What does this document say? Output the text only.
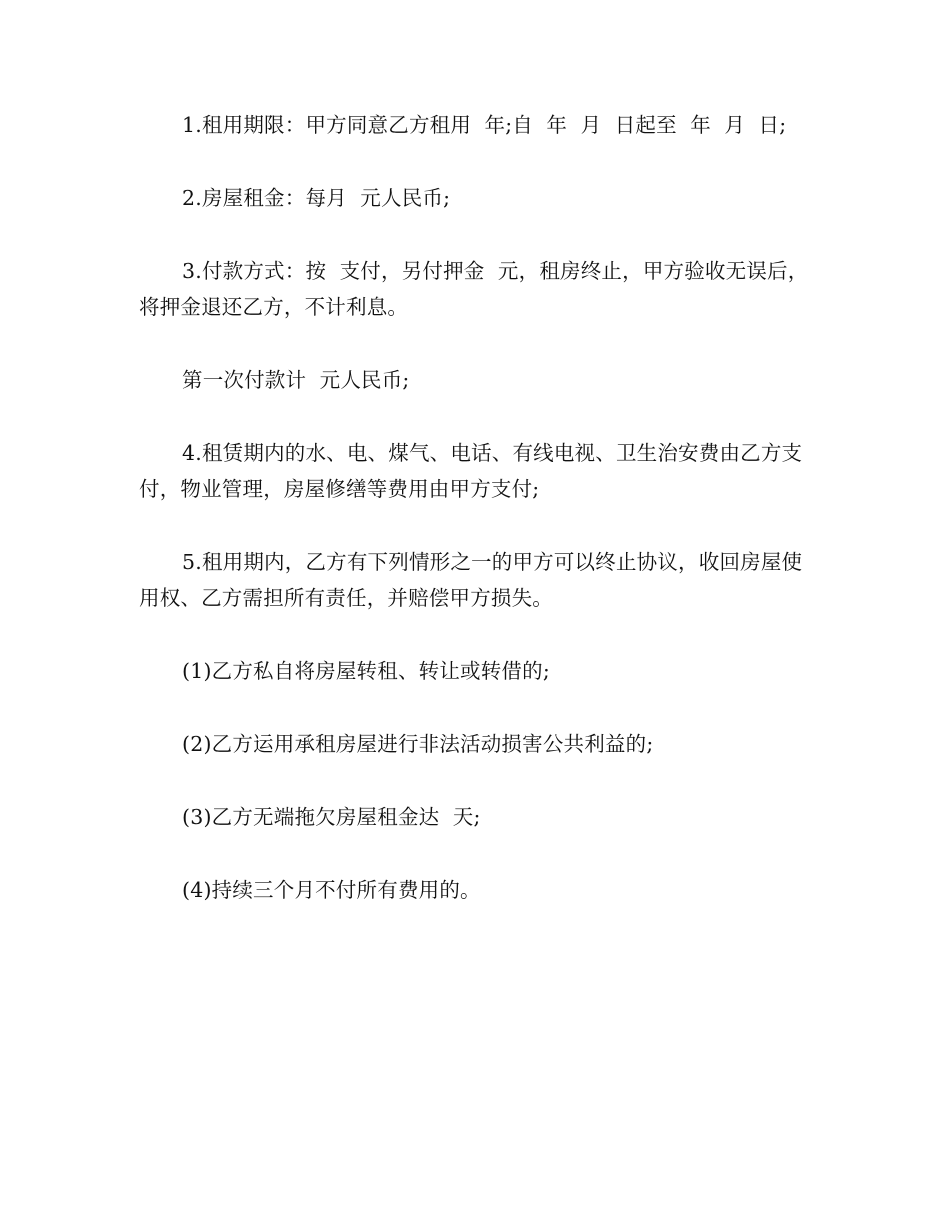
1.租用期限：甲方同意乙方租用  年;自  年  月  日起至  年  月  日;

2.房屋租金：每月  元人民币;

3.付款方式：按  支付，另付押金  元，租房终止，甲方验收无误后，将押金退还乙方，不计利息。

第一次付款计  元人民币;

4.租赁期内的水、电、煤气、电话、有线电视、卫生治安费由乙方支付，物业管理，房屋修缮等费用由甲方支付;

5.租用期内，乙方有下列情形之一的甲方可以终止协议，收回房屋使用权、乙方需担所有责任，并赔偿甲方损失。

(1)乙方私自将房屋转租、转让或转借的;

(2)乙方运用承租房屋进行非法活动损害公共利益的;

(3)乙方无端拖欠房屋租金达  天;

(4)持续三个月不付所有费用的。
